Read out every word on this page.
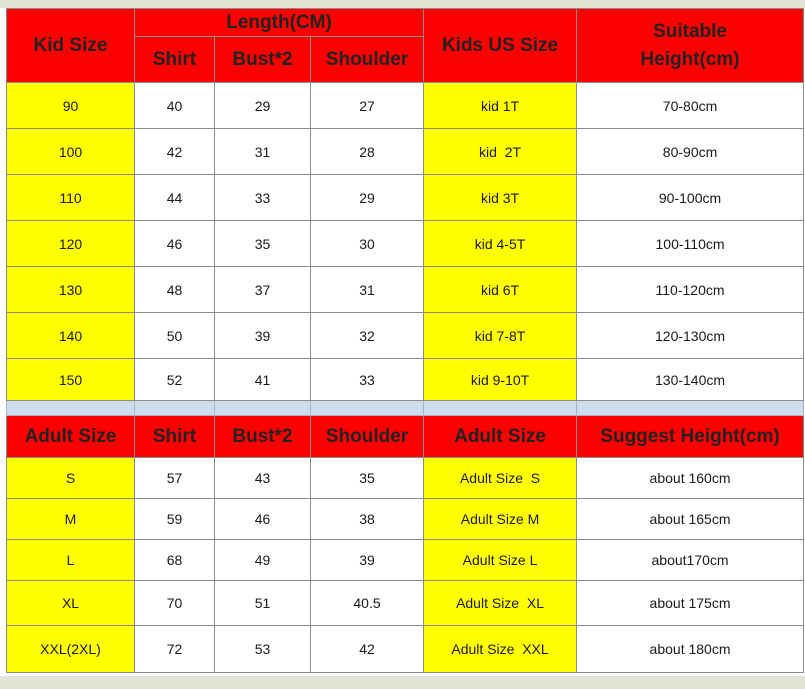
Kid Size	Length(CM)			Kids US Size	Suitable
Height(cm)

	Shirt	Bust*2	Shoulder		
90	40	29	27	kid 1T	70-80cm
100	42	31	28	kid  2T	80-90cm
110	44	33	29	kid 3T	90-100cm
120	46	35	30	kid 4-5T	100-110cm
130	48	37	31	kid 6T	110-120cm
140	50	39	32	kid 7-8T	120-130cm
150	52	41	33	kid 9-10T	130-140cm

Adult Size	Shirt	Bust*2	Shoulder	Adult Size	Suggest Height(cm)
S	57	43	35	Adult Size  S	about 160cm
M	59	46	38	Adult Size M	about 165cm
L	68	49	39	Adult Size L	about170cm
XL	70	51	40.5	Adult Size  XL	about 175cm
XXL(2XL)	72	53	42	Adult Size  XXL	about 180cm
